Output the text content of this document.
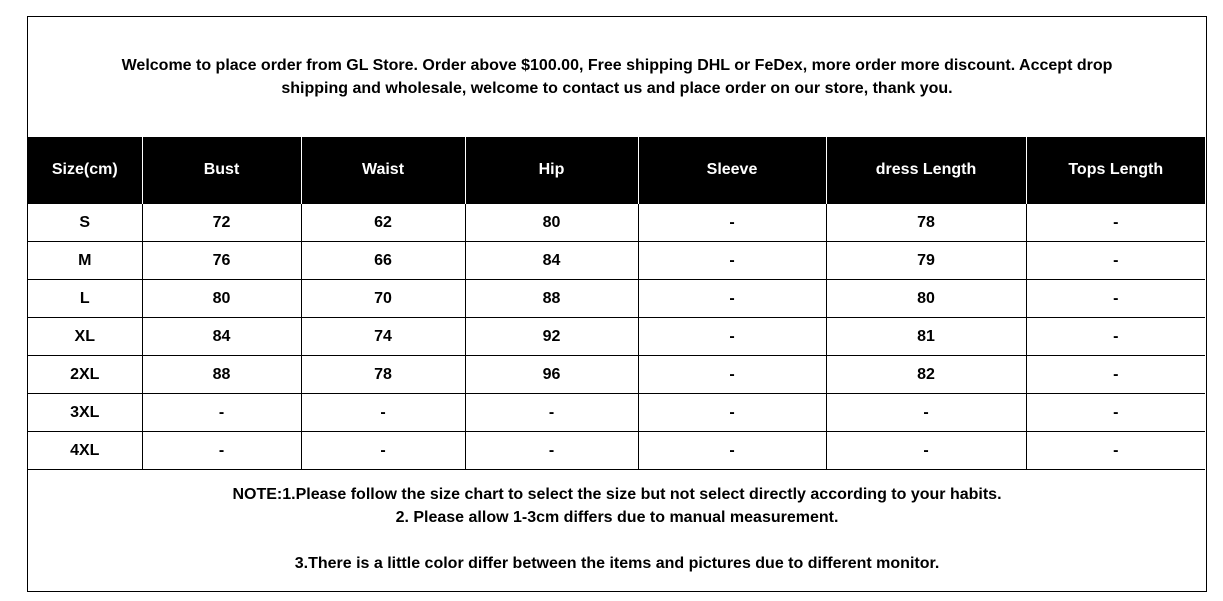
Welcome to place order from GL Store. Order above $100.00, Free shipping DHL or FeDex, more order more discount. Accept drop
shipping and wholesale, welcome to contact us and place order on our store, thank you.
Size(cm)	Bust	Waist	Hip	Sleeve	dress Length	Tops Length
S	72	62	80	-	78	-
M	76	66	84	-	79	-
L	80	70	88	-	80	-
XL	84	74	92	-	81	-
2XL	88	78	96	-	82	-
3XL	-	-	-	-	-	-
4XL	-	-	-	-	-	-
NOTE:1.Please follow the size chart to select the size but not select directly according to your habits.
2. Please allow 1-3cm differs due to manual measurement.
3.There is a little color differ between the items and pictures due to different monitor.
